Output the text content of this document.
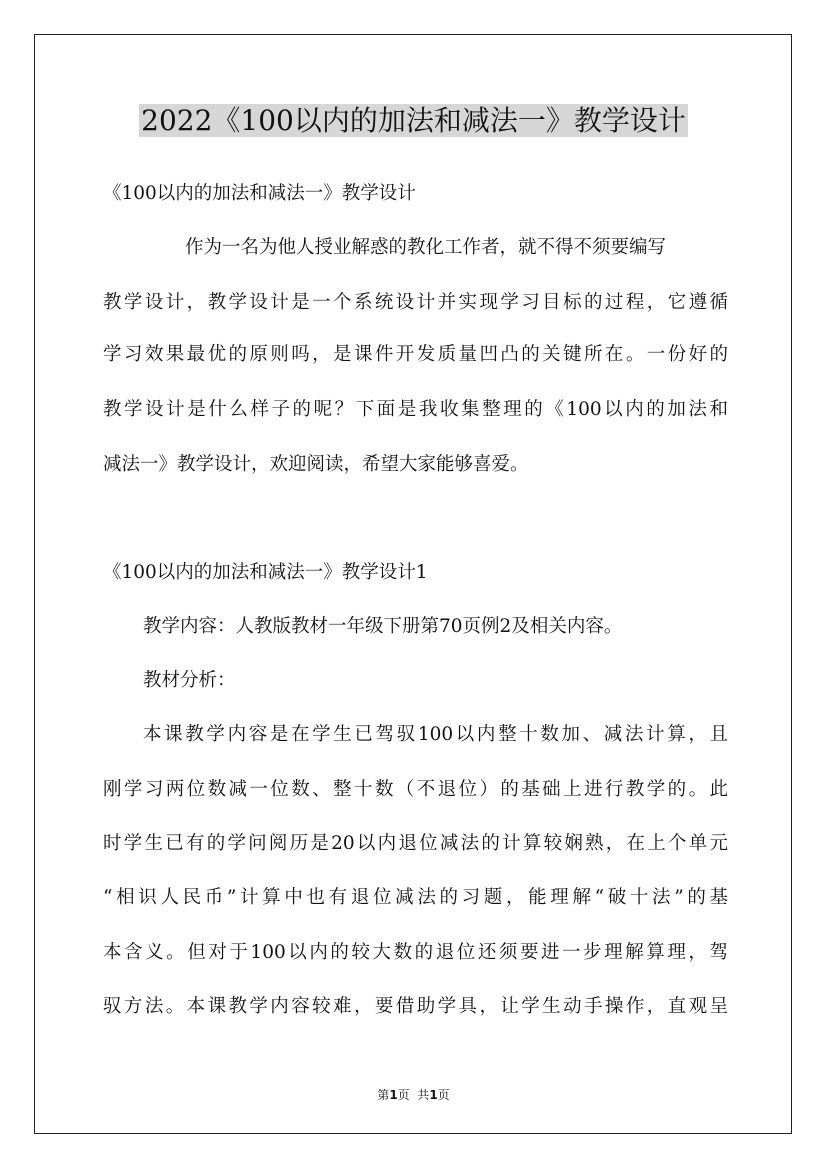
2022《100以内的加法和减法一》教学设计
《100以内的加法和减法一》教学设计
作为一名为他人授业解惑的教化工作者，就不得不须要编写
教学设计，教学设计是一个系统设计并实现学习目标的过程，它遵循
学习效果最优的原则吗，是课件开发质量凹凸的关键所在。一份好的
教学设计是什么样子的呢？下面是我收集整理的《100以内的加法和
减法一》教学设计，欢迎阅读，希望大家能够喜爱。
《100以内的加法和减法一》教学设计1
教学内容：人教版教材一年级下册第70页例2及相关内容。
教材分析：
本课教学内容是在学生已驾驭100以内整十数加、减法计算，且
刚学习两位数减一位数、整十数（不退位）的基础上进行教学的。此
时学生已有的学问阅历是20以内退位减法的计算较娴熟，在上个单元
“相识人民币”计算中也有退位减法的习题，能理解“破十法”的基
本含义。但对于100以内的较大数的退位还须要进一步理解算理，驾
驭方法。本课教学内容较难，要借助学具，让学生动手操作，直观呈
第1页  共1页
